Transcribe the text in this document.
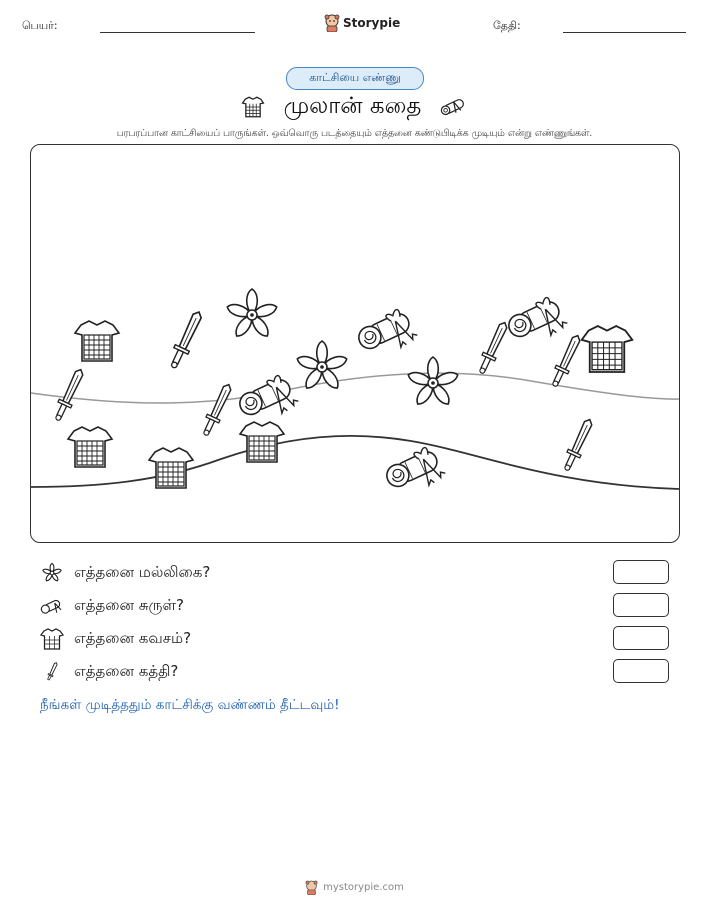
பெயர்:	Storypie	தேதி:
காட்சியை எண்ணு
முலான் கதை
பரபரப்பான காட்சியைப் பாருங்கள். ஒவ்வொரு படத்தையும் எத்தனை கண்டுபிடிக்க முடியும் என்று எண்ணுங்கள்.
எத்தனை மல்லிகை?
எத்தனை சுருள்?
எத்தனை கவசம்?
எத்தனை கத்தி?
நீங்கள் முடித்ததும் காட்சிக்கு வண்ணம் தீட்டவும்!
mystorypie.com
